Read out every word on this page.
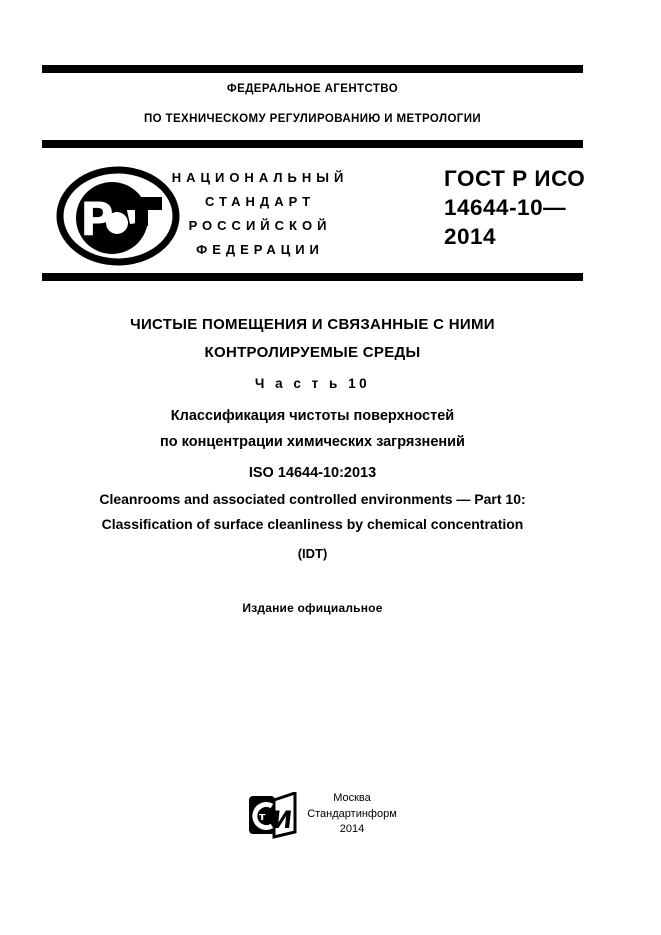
ФЕДЕРАЛЬНОЕ АГЕНТСТВО
ПО ТЕХНИЧЕСКОМУ РЕГУЛИРОВАНИЮ И МЕТРОЛОГИИ
Р
НАЦИОНАЛЬНЫЙ
СТАНДАРТ
РОССИЙСКОЙ
ФЕДЕРАЦИИ
ГОСТ Р ИСО
14644-10—
2014
ЧИСТЫЕ ПОМЕЩЕНИЯ И СВЯЗАННЫЕ С НИМИ
КОНТРОЛИРУЕМЫЕ СРЕДЫ
Ч а с т ь 10
Классификация чистоты поверхностей
по концентрации химических загрязнений
ISO 14644-10:2013
Cleanrooms and associated controlled environments — Part 10:
Classification of surface cleanliness by chemical concentration
(IDT)
Издание официальное
т И
Москва
Стандартинформ
2014
